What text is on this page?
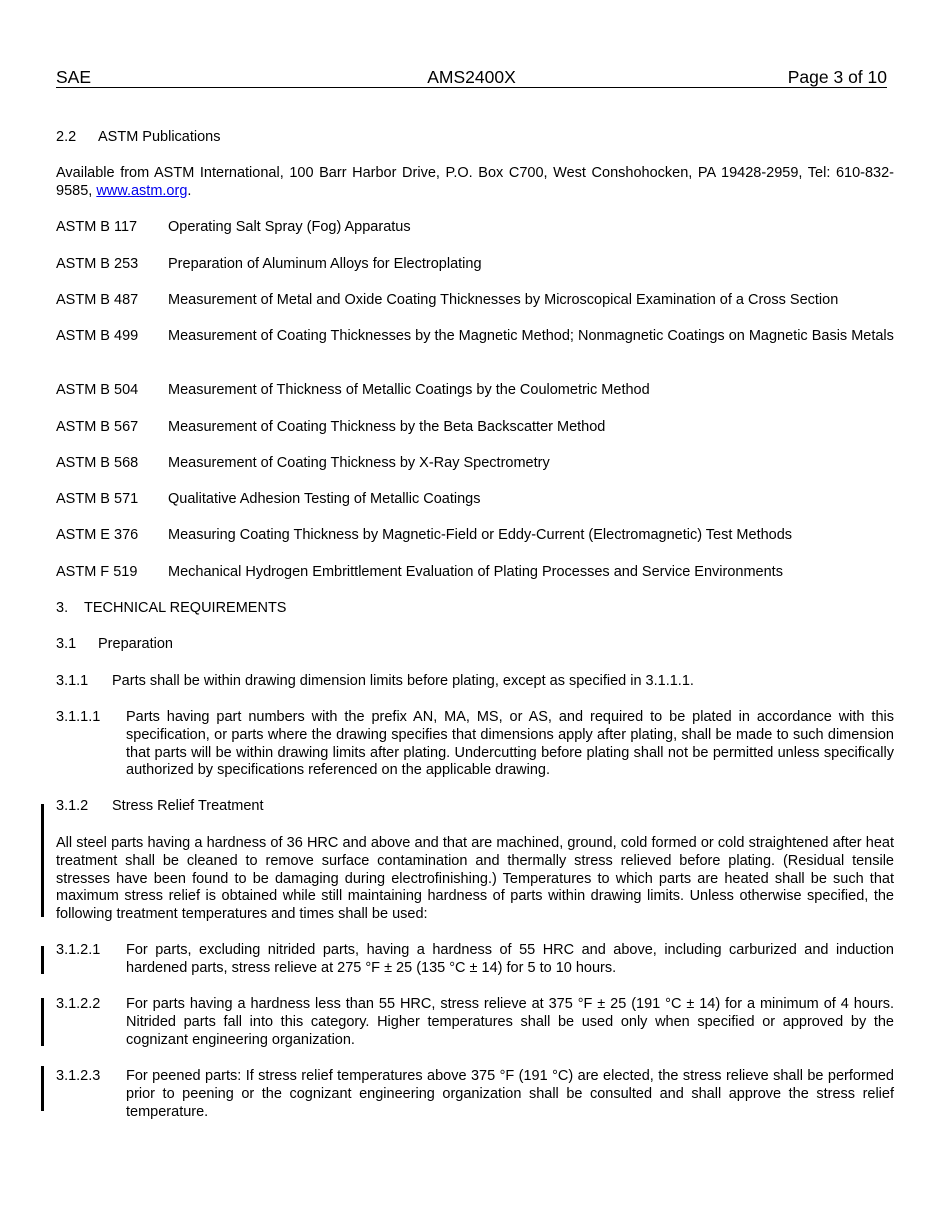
SAE	AMS2400X	Page 3 of 10
2.2 ASTM Publications
Available from ASTM International, 100 Barr Harbor Drive, P.O. Box C700, West Conshohocken, PA 19428-2959, Tel: 610-832-9585, www.astm.org.
ASTM B 117 Operating Salt Spray (Fog) Apparatus
ASTM B 253 Preparation of Aluminum Alloys for Electroplating
ASTM B 487 Measurement of Metal and Oxide Coating Thicknesses by Microscopical Examination of a Cross Section
ASTM B 499 Measurement of Coating Thicknesses by the Magnetic Method; Nonmagnetic Coatings on Magnetic Basis Metals
ASTM B 504 Measurement of Thickness of Metallic Coatings by the Coulometric Method
ASTM B 567 Measurement of Coating Thickness by the Beta Backscatter Method
ASTM B 568 Measurement of Coating Thickness by X-Ray Spectrometry
ASTM B 571 Qualitative Adhesion Testing of Metallic Coatings
ASTM E 376 Measuring Coating Thickness by Magnetic-Field or Eddy-Current (Electromagnetic) Test Methods
ASTM F 519 Mechanical Hydrogen Embrittlement Evaluation of Plating Processes and Service Environments
3. TECHNICAL REQUIREMENTS
3.1 Preparation
3.1.1 Parts shall be within drawing dimension limits before plating, except as specified in 3.1.1.1.
3.1.1.1 Parts having part numbers with the prefix AN, MA, MS, or AS, and required to be plated in accordance with this specification, or parts where the drawing specifies that dimensions apply after plating, shall be made to such dimension that parts will be within drawing limits after plating. Undercutting before plating shall not be permitted unless specifically authorized by specifications referenced on the applicable drawing.
3.1.2 Stress Relief Treatment
All steel parts having a hardness of 36 HRC and above and that are machined, ground, cold formed or cold straightened after heat treatment shall be cleaned to remove surface contamination and thermally stress relieved before plating. (Residual tensile stresses have been found to be damaging during electrofinishing.) Temperatures to which parts are heated shall be such that maximum stress relief is obtained while still maintaining hardness of parts within drawing limits. Unless otherwise specified, the following treatment temperatures and times shall be used:
3.1.2.1 For parts, excluding nitrided parts, having a hardness of 55 HRC and above, including carburized and induction hardened parts, stress relieve at 275 °F ± 25 (135 °C ± 14) for 5 to 10 hours.
3.1.2.2 For parts having a hardness less than 55 HRC, stress relieve at 375 °F ± 25 (191 °C ± 14) for a minimum of 4 hours. Nitrided parts fall into this category. Higher temperatures shall be used only when specified or approved by the cognizant engineering organization.
3.1.2.3 For peened parts: If stress relief temperatures above 375 °F (191 °C) are elected, the stress relieve shall be performed prior to peening or the cognizant engineering organization shall be consulted and shall approve the stress relief temperature.
